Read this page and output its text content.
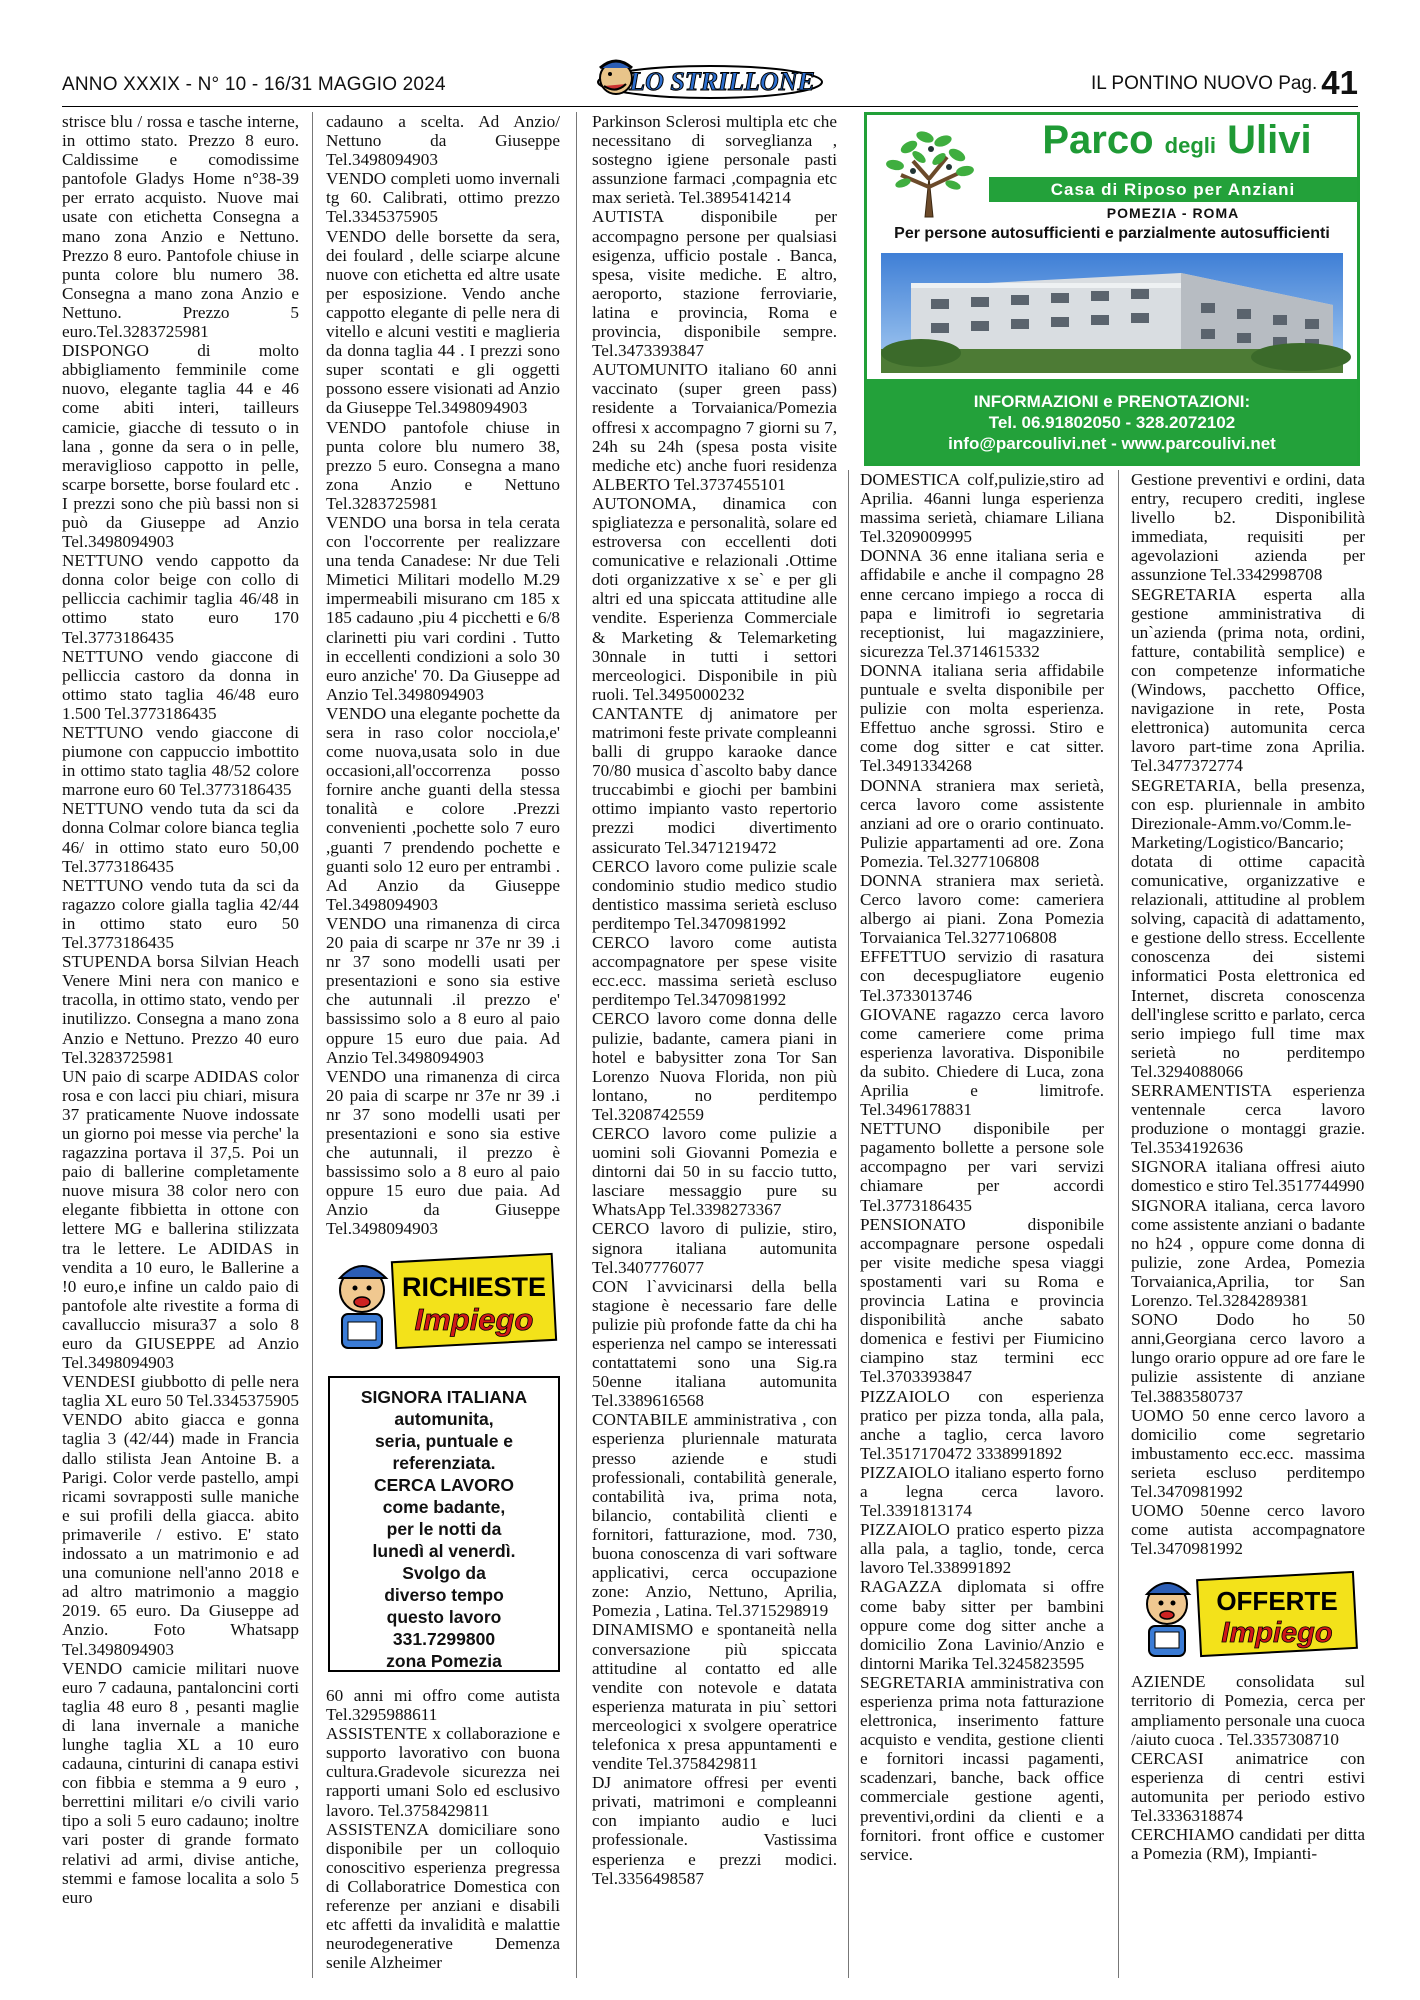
ANNO XXXIX - N° 10 - 16/31 MAGGIO 2024	LO STRILLONE	IL PONTINO NUOVO Pag. 41

strisce blu / rossa e tasche interne, in ottimo stato. Prezzo 8 euro. Caldissime e comodissime pantofole Gladys Home n°38-39 per errato acquisto. Nuove mai usate con etichetta Consegna a mano zona Anzio e Nettuno. Prezzo 8 euro. Pantofole chiuse in punta colore blu numero 38. Consegna a mano zona Anzio e Nettuno. Prezzo 5 euro.Tel.3283725981

DISPONGO di molto abbigliamento femminile come nuovo, elegante taglia 44 e 46 come abiti interi, tailleurs camicie, giacche di tessuto o in lana , gonne da sera o in pelle, meraviglioso cappotto in pelle, scarpe borsette, borse foulard etc . I prezzi sono che più bassi non si può da Giuseppe ad Anzio Tel.3498094903

NETTUNO vendo cappotto da donna color beige con collo di pelliccia cachimir taglia 46/48 in ottimo stato euro 170 Tel.3773186435

NETTUNO vendo giaccone di pelliccia castoro da donna in ottimo stato taglia 46/48 euro 1.500 Tel.3773186435

NETTUNO vendo giaccone di piumone con cappuccio imbottito in ottimo stato taglia 48/52 colore marrone euro 60 Tel.3773186435

NETTUNO vendo tuta da sci da donna Colmar colore bianca teglia 46/ in ottimo stato euro 50,00 Tel.3773186435

NETTUNO vendo tuta da sci da ragazzo colore gialla taglia 42/44 in ottimo stato euro 50 Tel.3773186435

STUPENDA borsa Silvian Heach Venere Mini nera con manico e tracolla, in ottimo stato, vendo per inutilizzo. Consegna a mano zona Anzio e Nettuno. Prezzo 40 euro Tel.3283725981

UN paio di scarpe ADIDAS color rosa e con lacci piu chiari, misura 37 praticamente Nuove indossate un giorno poi messe via perche' la ragazzina portava il 37,5. Poi un paio di ballerine completamente nuove misura 38 color nero con elegante fibbietta in ottone con lettere MG e ballerina stilizzata tra le lettere. Le ADIDAS in vendita a 10 euro, le Ballerine a !0 euro,e infine un caldo paio di pantofole alte rivestite a forma di cavalluccio misura37 a solo 8 euro da GIUSEPPE ad Anzio Tel.3498094903

VENDESI giubbotto di pelle nera taglia XL euro 50 Tel.3345375905

VENDO abito giacca e gonna taglia 3 (42/44) made in Francia dallo stilista Jean Antoine B. a Parigi. Color verde pastello, ampi ricami sovrapposti sulle maniche e sui profili della giacca. abito primaverile / estivo. E' stato indossato a un matrimonio e ad una comunione nell'anno 2018 e ad altro matrimonio a maggio 2019. 65 euro. Da Giuseppe ad Anzio. Foto Whatsapp Tel.3498094903

VENDO camicie militari nuove euro 7 cadauna, pantaloncini corti taglia 48 euro 8 , pesanti maglie di lana invernale a maniche lunghe taglia XL a 10 euro cadauna, cinturini di canapa estivi con fibbia e stemma a 9 euro , berrettini militari e/o civili vario tipo a soli 5 euro cadauno; inoltre vari poster di grande formato relativi ad armi, divise antiche, stemmi e famose localita a solo 5 euro

cadauno a scelta. Ad Anzio/ Nettuno da Giuseppe Tel.3498094903

VENDO completi uomo invernali tg 60. Calibrati, ottimo prezzo Tel.3345375905

VENDO delle borsette da sera, dei foulard , delle sciarpe alcune nuove con etichetta ed altre usate per esposizione. Vendo anche cappotto elegante di pelle nera di vitello e alcuni vestiti e maglieria da donna taglia 44 . I prezzi sono super scontati e gli oggetti possono essere visionati ad Anzio da Giuseppe Tel.3498094903

VENDO pantofole chiuse in punta colore blu numero 38, prezzo 5 euro. Consegna a mano zona Anzio e Nettuno Tel.3283725981

VENDO una borsa in tela cerata con l'occorrente per realizzare una tenda Canadese: Nr due Teli Mimetici Militari modello M.29 impermeabili misurano cm 185 x 185 cadauno ,piu 4 picchetti e 6/8 clarinetti piu vari cordini . Tutto in eccellenti condizioni a solo 30 euro anziche' 70. Da Giuseppe ad Anzio Tel.3498094903

VENDO una elegante pochette da sera in raso color nocciola,e' come nuova,usata solo in due occasioni,all'occorrenza posso fornire anche guanti della stessa tonalità e colore .Prezzi convenienti ,pochette solo 7 euro ,guanti 7 prendendo pochette e guanti solo 12 euro per entrambi . Ad Anzio da Giuseppe Tel.3498094903

VENDO una rimanenza di circa 20 paia di scarpe nr 37e nr 39 .i nr 37 sono modelli usati per presentazioni e sono sia estive che autunnali .il prezzo e' bassissimo solo a 8 euro al paio oppure 15 euro due paia. Ad Anzio Tel.3498094903

VENDO una rimanenza di circa 20 paia di scarpe nr 37e nr 39 .i nr 37 sono modelli usati per presentazioni e sono sia estive che autunnali, il prezzo è bassissimo solo a 8 euro al paio oppure 15 euro due paia. Ad Anzio da Giuseppe Tel.3498094903

RICHIESTE
Impiego
SIGNORA ITALIANA
automunita,
seria, puntuale e
referenziata.
CERCA LAVORO
come badante,
per le notti da
lunedì al venerdì.
Svolgo da
diverso tempo
questo lavoro
331.7299800
zona Pomezia

60 anni mi offro come autista Tel.3295988611

ASSISTENTE x collaborazione e supporto lavorativo con buona cultura.Gradevole sicurezza nei rapporti umani Solo ed esclusivo lavoro. Tel.3758429811

ASSISTENZA domiciliare sono disponibile per un colloquio conoscitivo esperienza pregressa di Collaboratrice Domestica con referenze per anziani e disabili etc affetti da invalidità e malattie neurodegenerative Demenza senile Alzheimer

Parkinson Sclerosi multipla etc che necessitano di sorveglianza , sostegno igiene personale pasti assunzione farmaci ,compagnia etc max serietà. Tel.3895414214

AUTISTA disponibile per accompagno persone per qualsiasi esigenza, ufficio postale . Banca, spesa, visite mediche. E altro, aeroporto, stazione ferroviarie, latina e provincia, Roma e provincia, disponibile sempre. Tel.3473393847

AUTOMUNITO italiano 60 anni vaccinato (super green pass) residente a Torvaianica/Pomezia offresi x accompagno 7 giorni su 7, 24h su 24h (spesa posta visite mediche etc) anche fuori residenza ALBERTO Tel.3737455101

AUTONOMA, dinamica con spigliatezza e personalità, solare ed estroversa con eccellenti doti comunicative e relazionali .Ottime doti organizzative x se` e per gli altri ed una spiccata attitudine alle vendite. Esperienza Commerciale & Marketing & Telemarketing 30nnale in tutti i settori merceologici. Disponibile in più ruoli. Tel.3495000232

CANTANTE dj animatore per matrimoni feste private compleanni balli di gruppo karaoke dance 70/80 musica d`ascolto baby dance truccabimbi e giochi per bambini ottimo impianto vasto repertorio prezzi modici divertimento assicurato Tel.3471219472

CERCO lavoro come pulizie scale condominio studio medico studio dentistico massima serietà escluso perditempo Tel.3470981992

CERCO lavoro come autista accompagnatore per spese visite ecc.ecc. massima serietà escluso perditempo Tel.3470981992

CERCO lavoro come donna delle pulizie, badante, camera piani in hotel e babysitter zona Tor San Lorenzo Nuova Florida, non più lontano, no perditempo Tel.3208742559

CERCO lavoro come pulizie a uomini soli Giovanni Pomezia e dintorni dai 50 in su faccio tutto, lasciare messaggio pure su WhatsApp Tel.3398273367

CERCO lavoro di pulizie, stiro, signora italiana automunita Tel.3407776077

CON l`avvicinarsi della bella stagione è necessario fare delle pulizie più profonde fatte da chi ha esperienza nel campo se interessati contattatemi sono una Sig.ra 50enne italiana automunita Tel.3389616568

CONTABILE amministrativa , con esperienza pluriennale maturata presso aziende e studi professionali, contabilità generale, contabilità iva, prima nota, bilancio, contabilità clienti e fornitori, fatturazione, mod. 730, buona conoscenza di vari software applicativi, cerca occupazione zone: Anzio, Nettuno, Aprilia, Pomezia , Latina. Tel.3715298919

DINAMISMO e spontaneità nella conversazione più spiccata attitudine al contatto ed alle vendite con notevole e datata esperienza maturata in piu` settori merceologici x svolgere operatrice telefonica x presa appuntamenti e vendite Tel.3758429811

DJ animatore offresi per eventi privati, matrimoni e compleanni con impianto audio e luci professionale. Vastissima esperienza e prezzi modici. Tel.3356498587

Parco degli Ulivi
Casa di Riposo per Anziani
POMEZIA - ROMA
Per persone autosufficienti e parzialmente autosufficienti
INFORMAZIONI e PRENOTAZIONI:
Tel. 06.91802050 - 328.2072102
info@parcoulivi.net - www.parcoulivi.net

DOMESTICA colf,pulizie,stiro ad Aprilia. 46anni lunga esperienza massima serietà, chiamare Liliana Tel.3209009995

DONNA 36 enne italiana seria e affidabile e anche il compagno 28 enne cercano impiego a rocca di papa e limitrofi io segretaria receptionist, lui magazziniere, sicurezza Tel.3714615332

DONNA italiana seria affidabile puntuale e svelta disponibile per pulizie con molta esperienza. Effettuo anche sgrossi. Stiro e come dog sitter e cat sitter. Tel.3491334268

DONNA straniera max serietà, cerca lavoro come assistente anziani ad ore o orario continuato. Pulizie appartamenti ad ore. Zona Pomezia. Tel.3277106808

DONNA straniera max serietà. Cerco lavoro come: cameriera albergo ai piani. Zona Pomezia Torvaianica Tel.3277106808

EFFETTUO servizio di rasatura con decespugliatore eugenio Tel.3733013746

GIOVANE ragazzo cerca lavoro come cameriere come prima esperienza lavorativa. Disponibile da subito. Chiedere di Luca, zona Aprilia e limitrofe. Tel.3496178831

NETTUNO disponibile per pagamento bollette a persone sole accompagno per vari servizi chiamare per accordi Tel.3773186435

PENSIONATO disponibile accompagnare persone ospedali per visite mediche spesa viaggi spostamenti vari su Roma e provincia Latina e provincia disponibilità anche sabato domenica e festivi per Fiumicino ciampino staz termini ecc Tel.3703393847

PIZZAIOLO con esperienza pratico per pizza tonda, alla pala, anche a taglio, cerca lavoro Tel.3517170472 3338991892

PIZZAIOLO italiano esperto forno a legna cerca lavoro. Tel.3391813174

PIZZAIOLO pratico esperto pizza alla pala, a taglio, tonde, cerca lavoro Tel.338991892

RAGAZZA diplomata si offre come baby sitter per bambini oppure come dog sitter anche a domicilio Zona Lavinio/Anzio e dintorni Marika Tel.3245823595

SEGRETARIA amministrativa con esperienza prima nota fatturazione elettronica, inserimento fatture acquisto e vendita, gestione clienti e fornitori incassi pagamenti, scadenzari, banche, back office commerciale gestione agenti, preventivi,ordini da clienti e a fornitori. front office e customer service.

Gestione preventivi e ordini, data entry, recupero crediti, inglese livello b2. Disponibilità immediata, requisiti per agevolazioni azienda per assunzione Tel.3342998708

SEGRETARIA esperta alla gestione amministrativa di un`azienda (prima nota, ordini, fatture, contabilità semplice) e con competenze informatiche (Windows, pacchetto Office, navigazione in rete, Posta elettronica) automunita cerca lavoro part-time zona Aprilia. Tel.3477372774

SEGRETARIA, bella presenza, con esp. pluriennale in ambito Direzionale-Amm.vo/Comm.le-Marketing/Logistico/Bancario; dotata di ottime capacità comunicative, organizzative e relazionali, attitudine al problem solving, capacità di adattamento, e gestione dello stress. Eccellente conoscenza dei sistemi informatici Posta elettronica ed Internet, discreta conoscenza dell'inglese scritto e parlato, cerca serio impiego full time max serietà no perditempo Tel.3294088066

SERRAMENTISTA esperienza ventennale cerca lavoro produzione o montaggi grazie. Tel.3534192636

SIGNORA italiana offresi aiuto domestico e stiro Tel.3517744990

SIGNORA italiana, cerca lavoro come assistente anziani o badante no h24 , oppure come donna di pulizie, zone Ardea, Pomezia Torvaianica,Aprilia, tor San Lorenzo. Tel.3284289381

SONO Dodo ho 50 anni,Georgiana cerco lavoro a lungo orario oppure ad ore fare le pulizie assistente di anziane Tel.3883580737

UOMO 50 enne cerco lavoro a domicilio come segretario imbustamento ecc.ecc. massima serieta escluso perditempo Tel.3470981992

UOMO 50enne cerco lavoro come autista accompagnatore Tel.3470981992

OFFERTE
Impiego

AZIENDE consolidata sul territorio di Pomezia, cerca per ampliamento personale una cuoca /aiuto cuoca . Tel.3357308710

CERCASI animatrice con esperienza di centri estivi automunita per periodo estivo Tel.3336318874

CERCHIAMO candidati per ditta a Pomezia (RM), Impianti-
